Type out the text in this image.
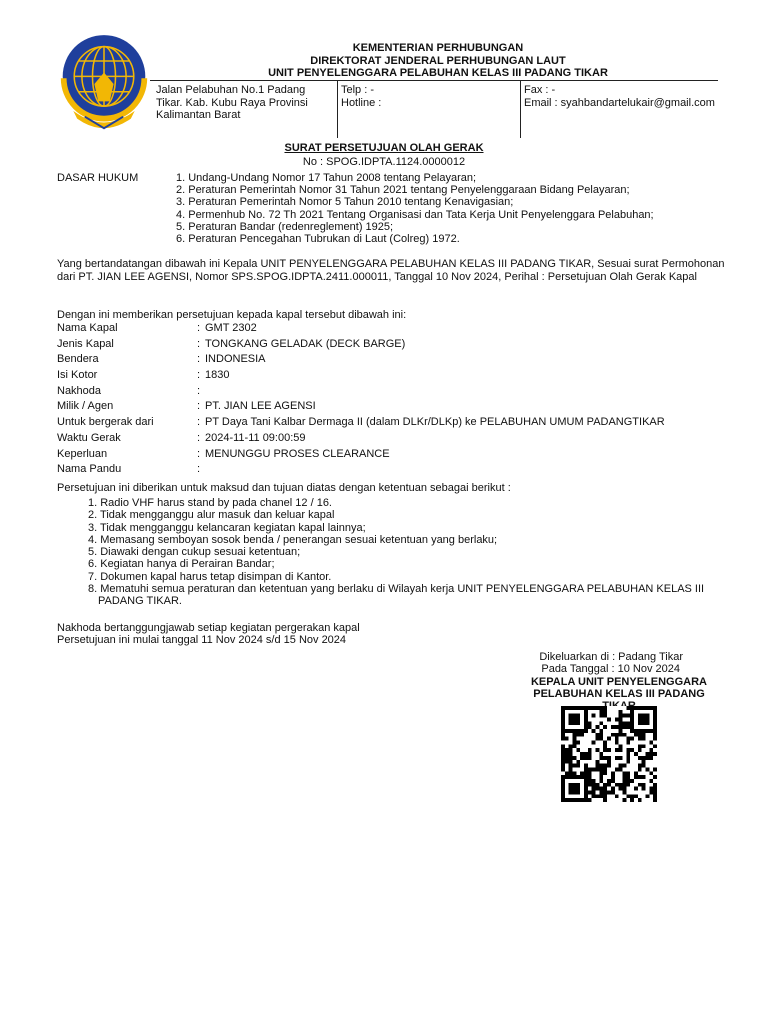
KEMENTERIAN PERHUBUNGAN
DIREKTORAT JENDERAL PERHUBUNGAN LAUT
UNIT PENYELENGGARA PELABUHAN KELAS III PADANG TIKAR
Jalan Pelabuhan No.1 Padang
Tikar. Kab. Kubu Raya Provinsi
Kalimantan Barat
Telp : -
Hotline :
Fax : -
Email : syahbandartelukair@gmail.com
SURAT PERSETUJUAN OLAH GERAK
No : SPOG.IDPTA.1124.0000012
DASAR HUKUM	1. Undang-Undang Nomor 17 Tahun 2008 tentang Pelayaran;
2. Peraturan Pemerintah Nomor 31 Tahun 2021 tentang Penyelenggaraan Bidang Pelayaran;
3. Peraturan Pemerintah Nomor 5 Tahun 2010 tentang Kenavigasian;
4. Permenhub No. 72 Th 2021 Tentang Organisasi dan Tata Kerja Unit Penyelenggara Pelabuhan;
5. Peraturan Bandar (redenreglement) 1925;
6. Peraturan Pencegahan Tubrukan di Laut (Colreg) 1972.
Yang bertandatangan dibawah ini Kepala UNIT PENYELENGGARA PELABUHAN KELAS III PADANG TIKAR, Sesuai surat Permohonan dari PT. JIAN LEE AGENSI, Nomor SPS.SPOG.IDPTA.2411.000011, Tanggal 10 Nov 2024, Perihal : Persetujuan Olah Gerak Kapal
Dengan ini memberikan persetujuan kepada kapal tersebut dibawah ini:
Nama Kapal	: GMT 2302
Jenis Kapal	: TONGKANG GELADAK (DECK BARGE)
Bendera	: INDONESIA
Isi Kotor	: 1830
Nakhoda	:
Milik / Agen	: PT. JIAN LEE AGENSI
Untuk bergerak dari	: PT Daya Tani Kalbar Dermaga II (dalam DLKr/DLKp) ke PELABUHAN UMUM PADANGTIKAR
Waktu Gerak	: 2024-11-11 09:00:59
Keperluan	: MENUNGGU PROSES CLEARANCE
Nama Pandu	:
Persetujuan ini diberikan untuk maksud dan tujuan diatas dengan ketentuan sebagai berikut :
1. Radio VHF harus stand by pada chanel 12 / 16.
2. Tidak mengganggu alur masuk dan keluar kapal
3. Tidak mengganggu kelancaran kegiatan kapal lainnya;
4. Memasang semboyan sosok benda / penerangan sesuai ketentuan yang berlaku;
5. Diawaki dengan cukup sesuai ketentuan;
6. Kegiatan hanya di Perairan Bandar;
7. Dokumen kapal harus tetap disimpan di Kantor.
8. Mematuhi semua peraturan dan ketentuan yang berlaku di Wilayah kerja UNIT PENYELENGGARA PELABUHAN KELAS III PADANG TIKAR.
Nakhoda bertanggungjawab setiap kegiatan pergerakan kapal
Persetujuan ini mulai tanggal 11 Nov 2024 s/d 15 Nov 2024
Dikeluarkan di : Padang Tikar
Pada Tanggal : 10 Nov 2024
KEPALA UNIT PENYELENGGARA
PELABUHAN KELAS III PADANG
